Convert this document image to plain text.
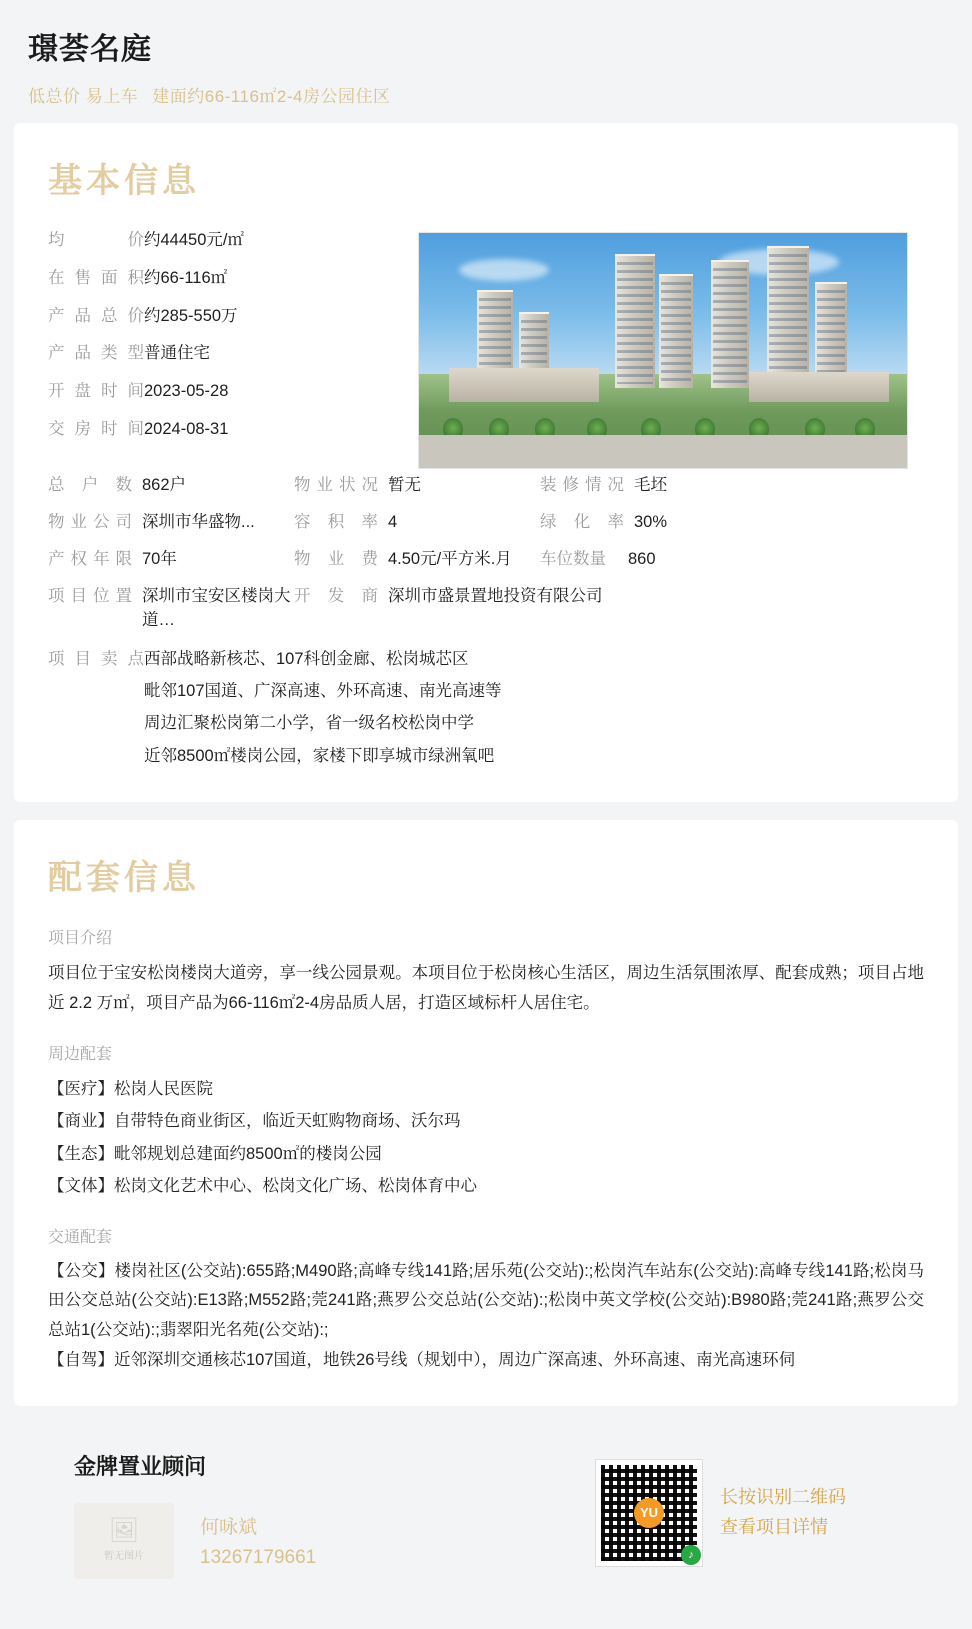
璟荟名庭
低总价 易上车 建面约66-116㎡2-4房公园住区
基本信息
均价 约44450元/㎡
在售面积 约66-116㎡
产品总价 约285-550万
产品类型 普通住宅
开盘时间 2023-05-28
交房时间 2024-08-31
总户数 862户	物业状况 暂无	装修情况 毛坯
物业公司 深圳市华盛物... 容积率 4	绿化率 30%
产权年限 70年	物业费 4.50元/平方米.月 车位数量 860
项目位置 深圳市宝安区楼岗大道…
开发商 深圳市盛景置地投资有限公司
项目卖点 西部战略新核芯、107科创金廊、松岗城芯区
毗邻107国道、广深高速、外环高速、南光高速等
周边汇聚松岗第二小学，省一级名校松岗中学
近邻8500㎡楼岗公园，家楼下即享城市绿洲氧吧
配套信息
项目介绍

项目位于宝安松岗楼岗大道旁，享一线公园景观。本项目位于松岗核心生活区，周边生活氛围浓厚、配套成熟；项目占地近 2.2 万㎡，项目产品为66-116㎡2-4房品质人居，打造区域标杆人居住宅。

周边配套
【医疗】松岗人民医院
【商业】自带特色商业街区，临近天虹购物商场、沃尔玛
【生态】毗邻规划总建面约8500㎡的楼岗公园
【文体】松岗文化艺术中心、松岗文化广场、松岗体育中心
交通配套
【公交】楼岗社区(公交站):655路;M490路;高峰专线141路;居乐苑(公交站):;松岗汽车站东(公交站):高峰专线141路;松岗马田公交总站(公交站):E13路;M552路;莞241路;燕罗公交总站(公交站):;松岗中英文学校(公交站):B980路;莞241路;燕罗公交总站1(公交站):;翡翠阳光名苑(公交站):;
【自驾】近邻深圳交通核芯107国道，地铁26号线（规划中），周边广深高速、外环高速、南光高速环伺
金牌置业顾问
🖼
暂无图片
何咏斌
13267179661
YU
♪
长按识别二维码
查看项目详情
